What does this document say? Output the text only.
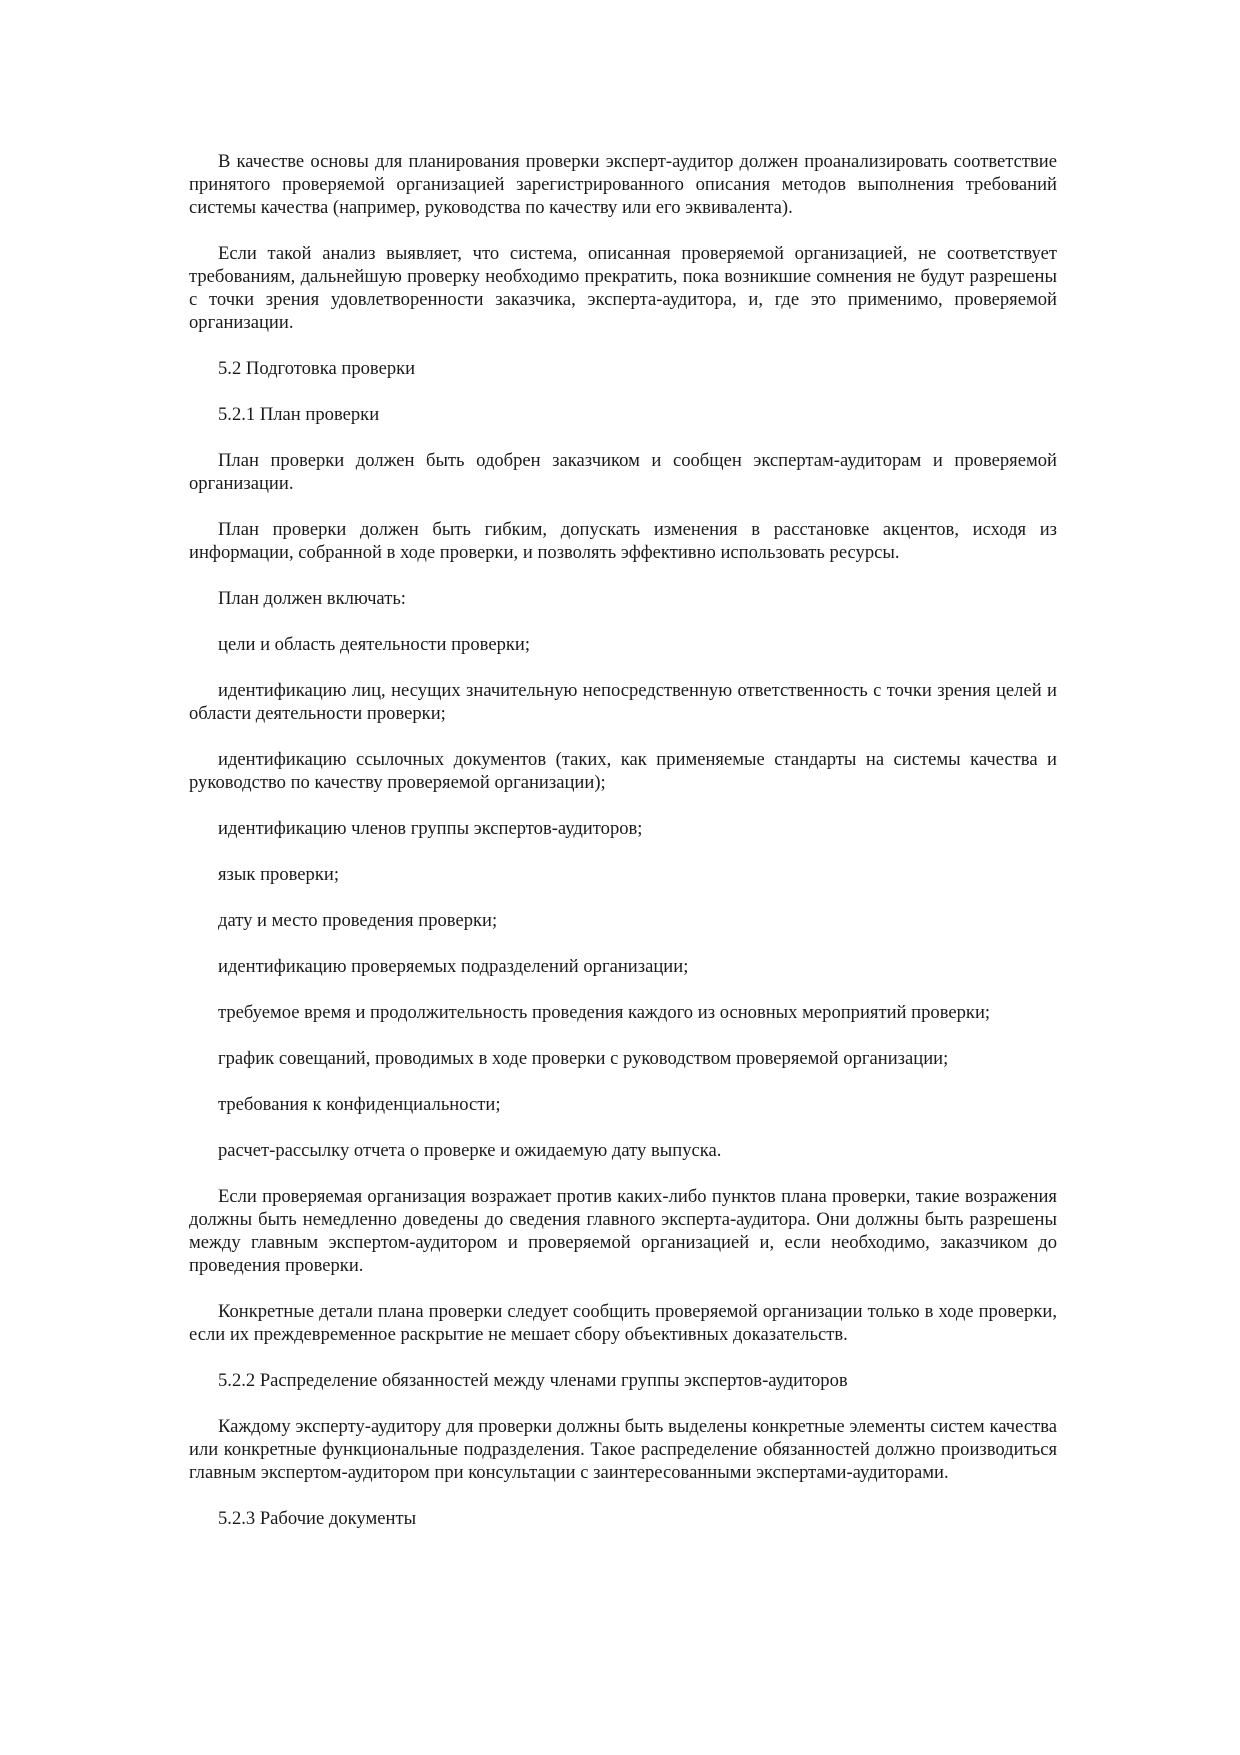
В качестве основы для планирования проверки эксперт-аудитор должен проанализировать соответствие принятого проверяемой организацией зарегистрированного описания методов выполнения требований системы качества (например, руководства по качеству или его эквивалента).

Если такой анализ выявляет, что система, описанная проверяемой организацией, не соответствует требованиям, дальнейшую проверку необходимо прекратить, пока возникшие сомнения не будут разрешены с точки зрения удовлетворенности заказчика, эксперта-аудитора, и, где это применимо, проверяемой организации.

5.2 Подготовка проверки

5.2.1 План проверки

План проверки должен быть одобрен заказчиком и сообщен экспертам-аудиторам и проверяемой организации.

План проверки должен быть гибким, допускать изменения в расстановке акцентов, исходя из информации, собранной в ходе проверки, и позволять эффективно использовать ресурсы.

План должен включать:

цели и область деятельности проверки;

идентификацию лиц, несущих значительную непосредственную ответственность с точки зрения целей и области деятельности проверки;

идентификацию ссылочных документов (таких, как применяемые стандарты на системы качества и руководство по качеству проверяемой организации);

идентификацию членов группы экспертов-аудиторов;

язык проверки;

дату и место проведения проверки;

идентификацию проверяемых подразделений организации;

требуемое время и продолжительность проведения каждого из основных мероприятий проверки;

график совещаний, проводимых в ходе проверки с руководством проверяемой организации;

требования к конфиденциальности;

расчет-рассылку отчета о проверке и ожидаемую дату выпуска.

Если проверяемая организация возражает против каких-либо пунктов плана проверки, такие возражения должны быть немедленно доведены до сведения главного эксперта-аудитора. Они должны быть разрешены между главным экспертом-аудитором и проверяемой организацией и, если необходимо, заказчиком до проведения проверки.

Конкретные детали плана проверки следует сообщить проверяемой организации только в ходе проверки, если их преждевременное раскрытие не мешает сбору объективных доказательств.

5.2.2 Распределение обязанностей между членами группы экспертов-аудиторов

Каждому эксперту-аудитору для проверки должны быть выделены конкретные элементы систем качества или конкретные функциональные подразделения. Такое распределение обязанностей должно производиться главным экспертом-аудитором при консультации с заинтересованными экспертами-аудиторами.

5.2.3 Рабочие документы
